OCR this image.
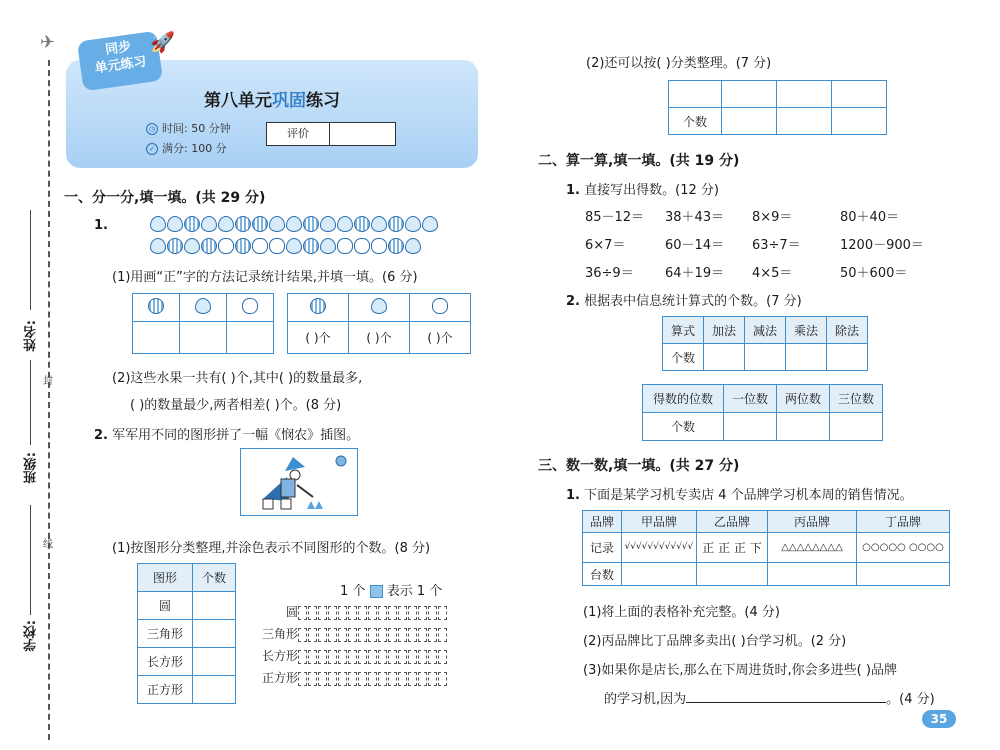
✈
姓名:
班级:
学校:
封
线

同步
单元练习
🚀
第八单元巩固练习
◷ 时间: 50 分钟
✓ 满分: 100 分
评价
一、分一分,填一填。(共 29 分)
1.
(1)用画“正”字的方法记录统计结果,并填一填。(6 分)

( )个	( )个	( )个
(2)这些水果一共有( )个,其中( )的数量最多,
( )的数量最少,两者相差( )个。(8 分)
2. 军军用不同的图形拼了一幅《悯农》插图。
(1)按图形分类整理,并涂色表示不同图形的个数。(8 分)
图形	个数
圆	
三角形	
长方形	
正方形	
1 个 表示 1 个
圆
三角形
长方形
正方形
(2)还可以按( )分类整理。(7 分)

个数			
二、算一算,填一填。(共 19 分)
1. 直接写出得数。(12 分)
85－12＝ 38＋43＝ 8×9＝	80＋40＝
6×7＝	60－14＝ 63÷7＝	1200－900＝
36÷9＝ 64＋19＝ 4×5＝	50＋600＝
2. 根据表中信息统计算式的个数。(7 分)
算式	加法	减法	乘法	除法
个数				
得数的位数	一位数	两位数	三位数
个数			
三、数一数,填一填。(共 27 分)
1. 下面是某学习机专卖店 4 个品牌学习机本周的销售情况。
品牌	甲品牌	乙品牌	丙品牌	丁品牌
记录	√√√√√√√√√√√√	正 正 正 下	△△△△△△△△	○○○○○ ○○○○
台数				
(1)将上面的表格补充完整。(4 分)
(2)丙品牌比丁品牌多卖出( )台学习机。(2 分)
(3)如果你是店长,那么在下周进货时,你会多进些( )品牌
的学习机,因为	。(4 分)
35
